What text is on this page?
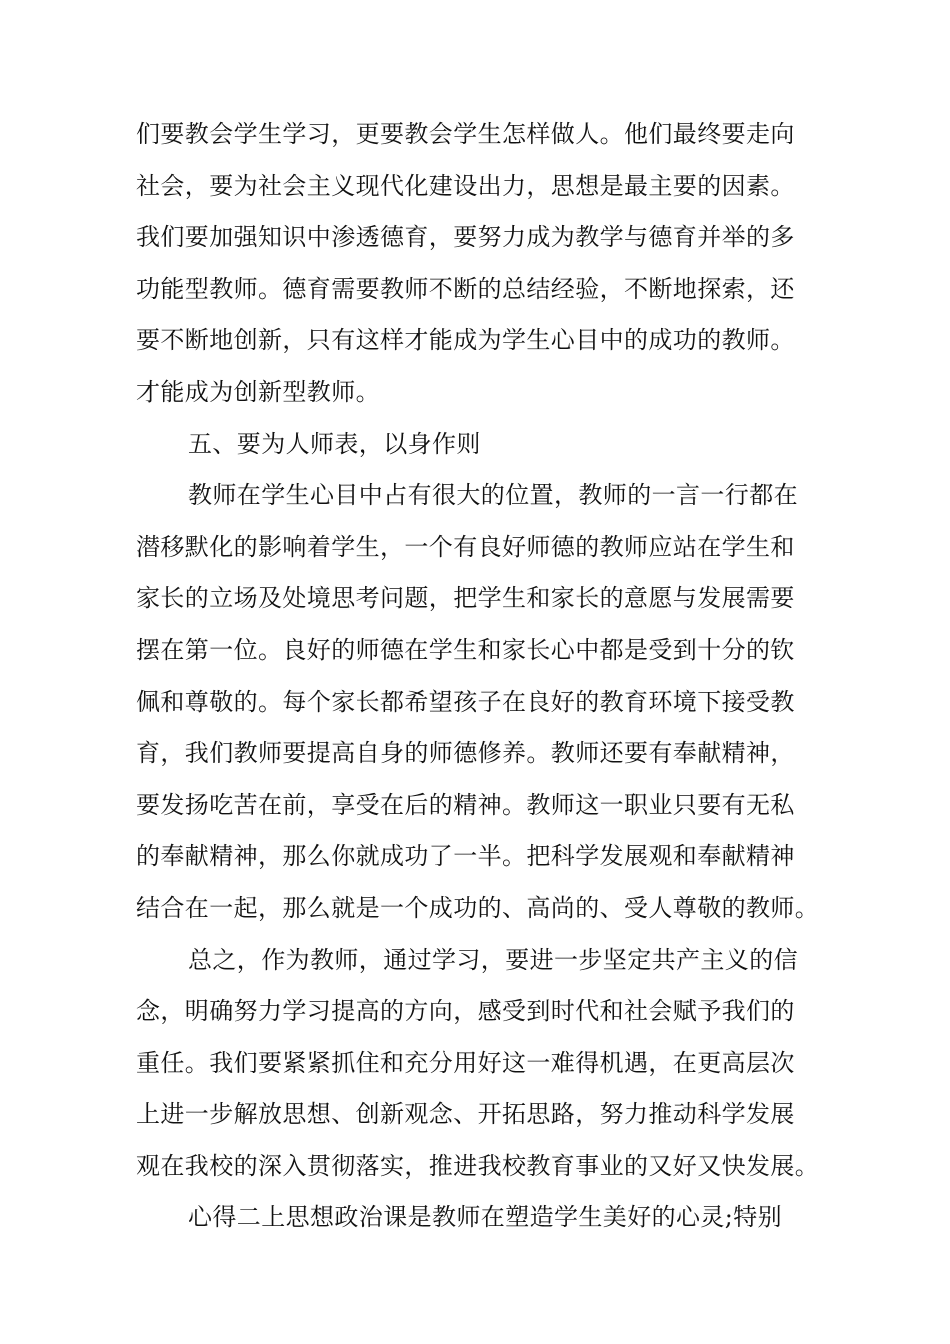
们要教会学生学习，更要教会学生怎样做人。他们最终要走向
社会，要为社会主义现代化建设出力，思想是最主要的因素。
我们要加强知识中渗透德育，要努力成为教学与德育并举的多
功能型教师。德育需要教师不断的总结经验，不断地探索，还
要不断地创新，只有这样才能成为学生心目中的成功的教师。
才能成为创新型教师。
五、要为人师表，以身作则
教师在学生心目中占有很大的位置，教师的一言一行都在
潜移默化的影响着学生，一个有良好师德的教师应站在学生和
家长的立场及处境思考问题，把学生和家长的意愿与发展需要
摆在第一位。良好的师德在学生和家长心中都是受到十分的钦
佩和尊敬的。每个家长都希望孩子在良好的教育环境下接受教
育，我们教师要提高自身的师德修养。教师还要有奉献精神，
要发扬吃苦在前，享受在后的精神。教师这一职业只要有无私
的奉献精神，那么你就成功了一半。把科学发展观和奉献精神
结合在一起，那么就是一个成功的、高尚的、受人尊敬的教师。
总之，作为教师，通过学习，要进一步坚定共产主义的信
念，明确努力学习提高的方向，感受到时代和社会赋予我们的
重任。我们要紧紧抓住和充分用好这一难得机遇，在更高层次
上进一步解放思想、创新观念、开拓思路，努力推动科学发展
观在我校的深入贯彻落实，推进我校教育事业的又好又快发展。
心得二上思想政治课是教师在塑造学生美好的心灵;特别
